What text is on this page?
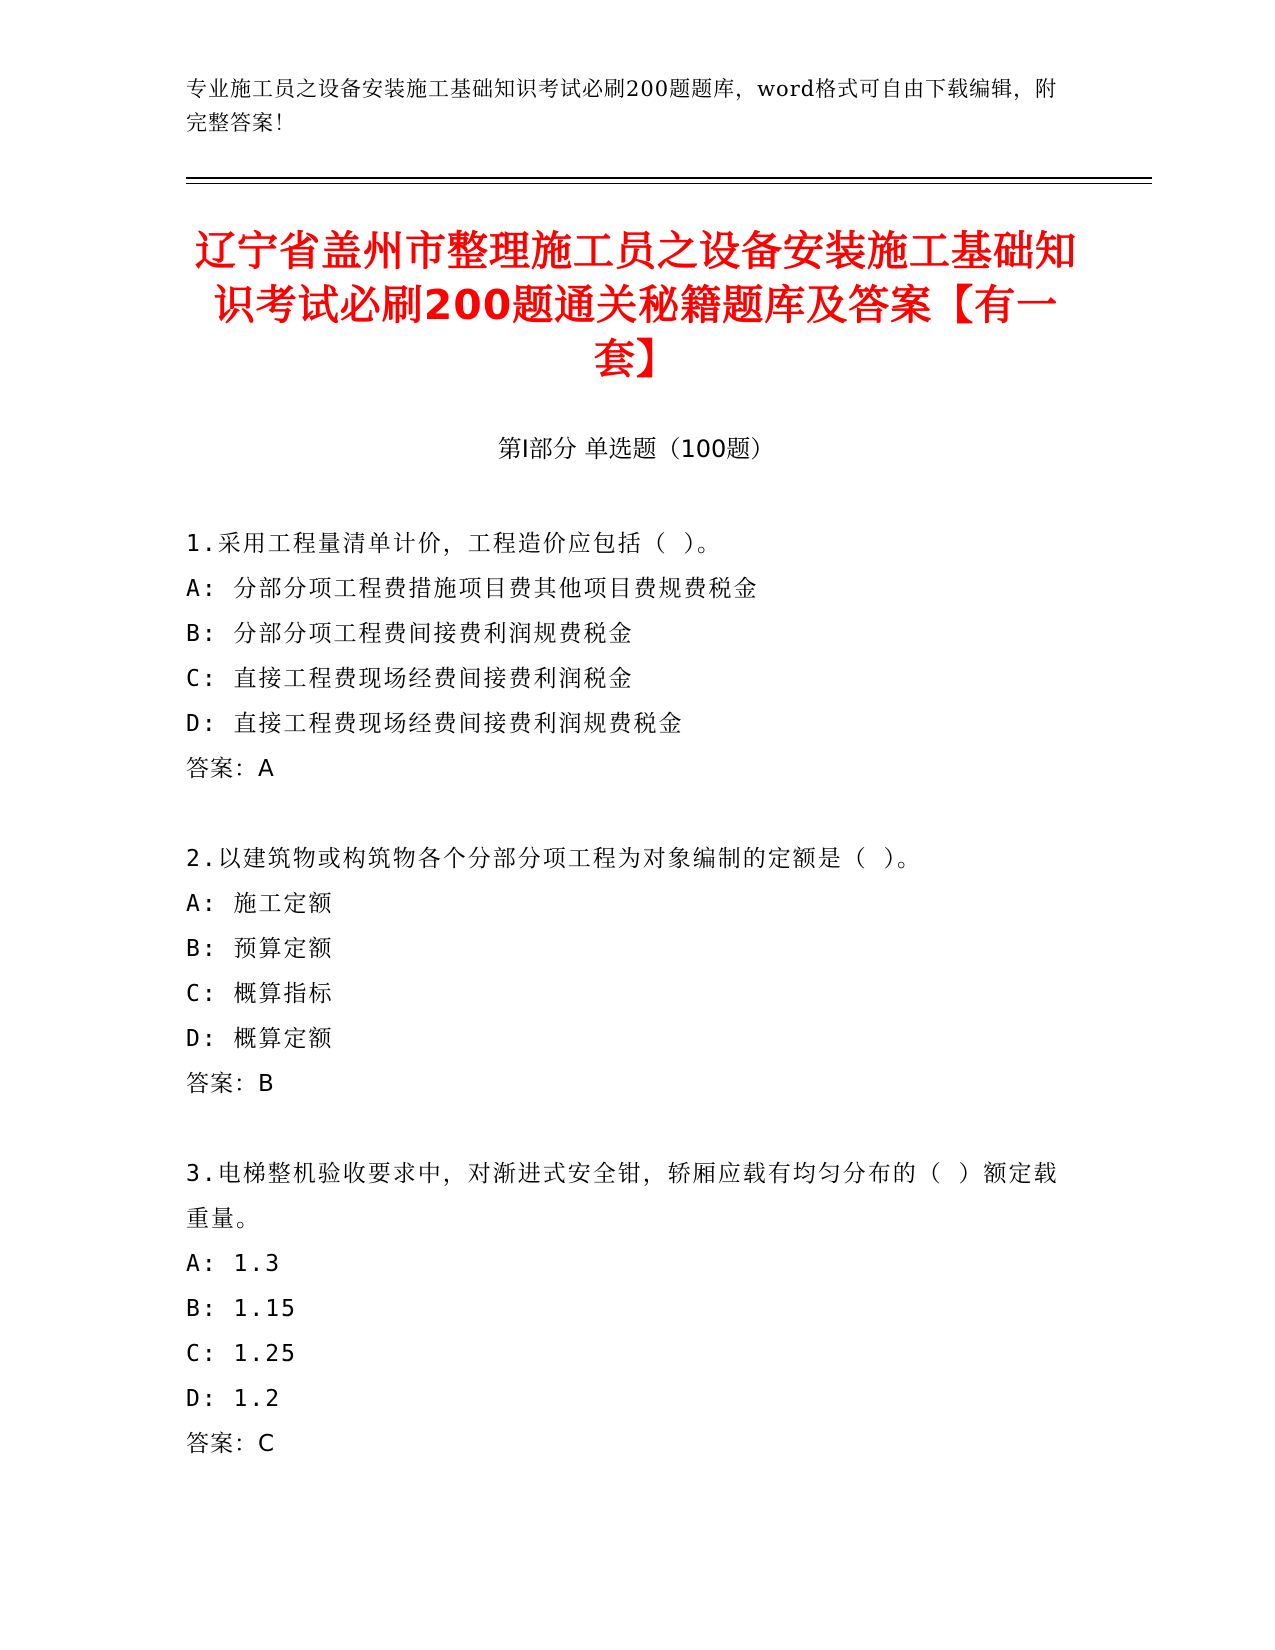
专业施工员之设备安装施工基础知识考试必刷200题题库，word格式可自由下载编辑，附完整答案！
辽宁省盖州市整理施工员之设备安装施工基础知识考试必刷200题通关秘籍题库及答案【有一套】
第Ⅰ部分 单选题（100题）
1.采用工程量清单计价，工程造价应包括（ ）。
A: 分部分项工程费措施项目费其他项目费规费税金
B: 分部分项工程费间接费利润规费税金
C: 直接工程费现场经费间接费利润税金
D: 直接工程费现场经费间接费利润规费税金
答案：A
2.以建筑物或构筑物各个分部分项工程为对象编制的定额是（ ）。
A: 施工定额
B: 预算定额
C: 概算指标
D: 概算定额
答案：B
3.电梯整机验收要求中，对渐进式安全钳，轿厢应载有均匀分布的（ ）额定载重量。
A: 1.3
B: 1.15
C: 1.25
D: 1.2
答案：C
